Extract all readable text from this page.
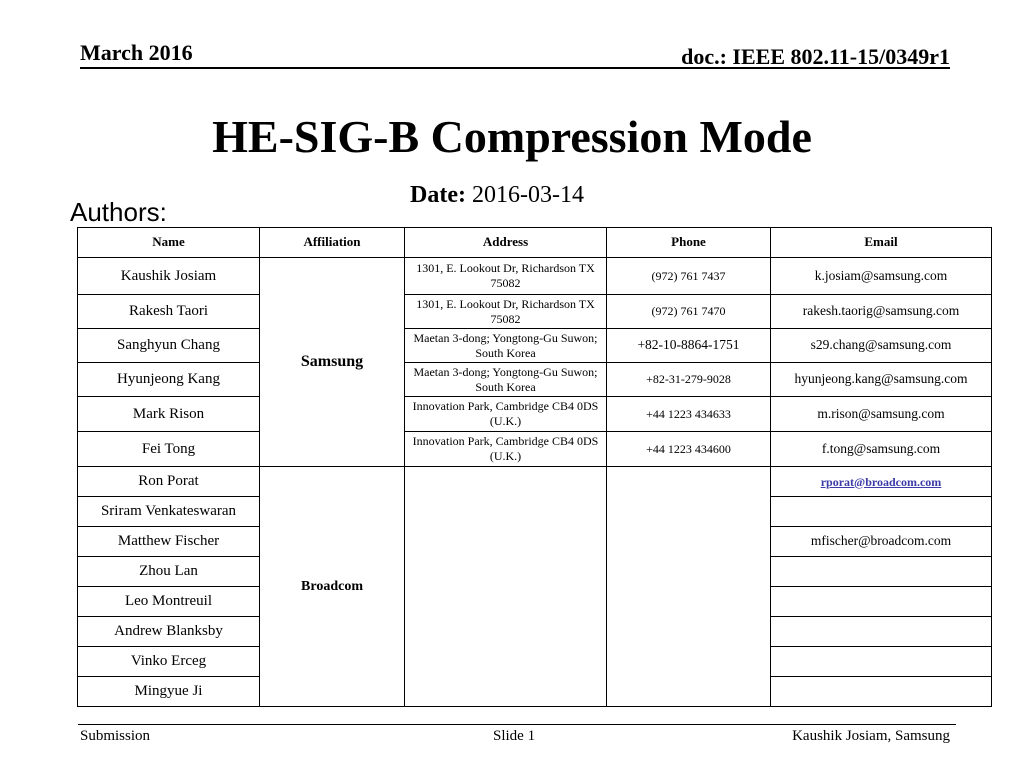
March 2016	doc.: IEEE 802.11-15/0349r1
HE-SIG-B Compression Mode
Date: 2016-03-14
Authors:
Name	Affiliation	Address	Phone	Email
Kaushik Josiam	Samsung	1301, E. Lookout Dr, Richardson TX 75082	(972) 761 7437	k.josiam@samsung.com
Rakesh Taori		1301, E. Lookout Dr, Richardson TX 75082	(972) 761 7470	rakesh.taorig@samsung.com
Sanghyun Chang		Maetan 3-dong; Yongtong-Gu Suwon; South Korea	+82-10-8864-1751	s29.chang@samsung.com
Hyunjeong Kang		Maetan 3-dong; Yongtong-Gu Suwon; South Korea	+82-31-279-9028	hyunjeong.kang@samsung.com
Mark Rison		Innovation Park, Cambridge CB4 0DS (U.K.)	+44 1223 434633	m.rison@samsung.com
Fei Tong		Innovation Park, Cambridge CB4 0DS (U.K.)	+44 1223 434600	f.tong@samsung.com
Ron Porat	Broadcom			rporat@broadcom.com
Sriram Venkateswaran				
Matthew Fischer				mfischer@broadcom.com
Zhou Lan				
Leo Montreuil				
Andrew Blanksby				
Vinko Erceg				
Mingyue Ji				
Submission	Slide 1	Kaushik Josiam, Samsung
